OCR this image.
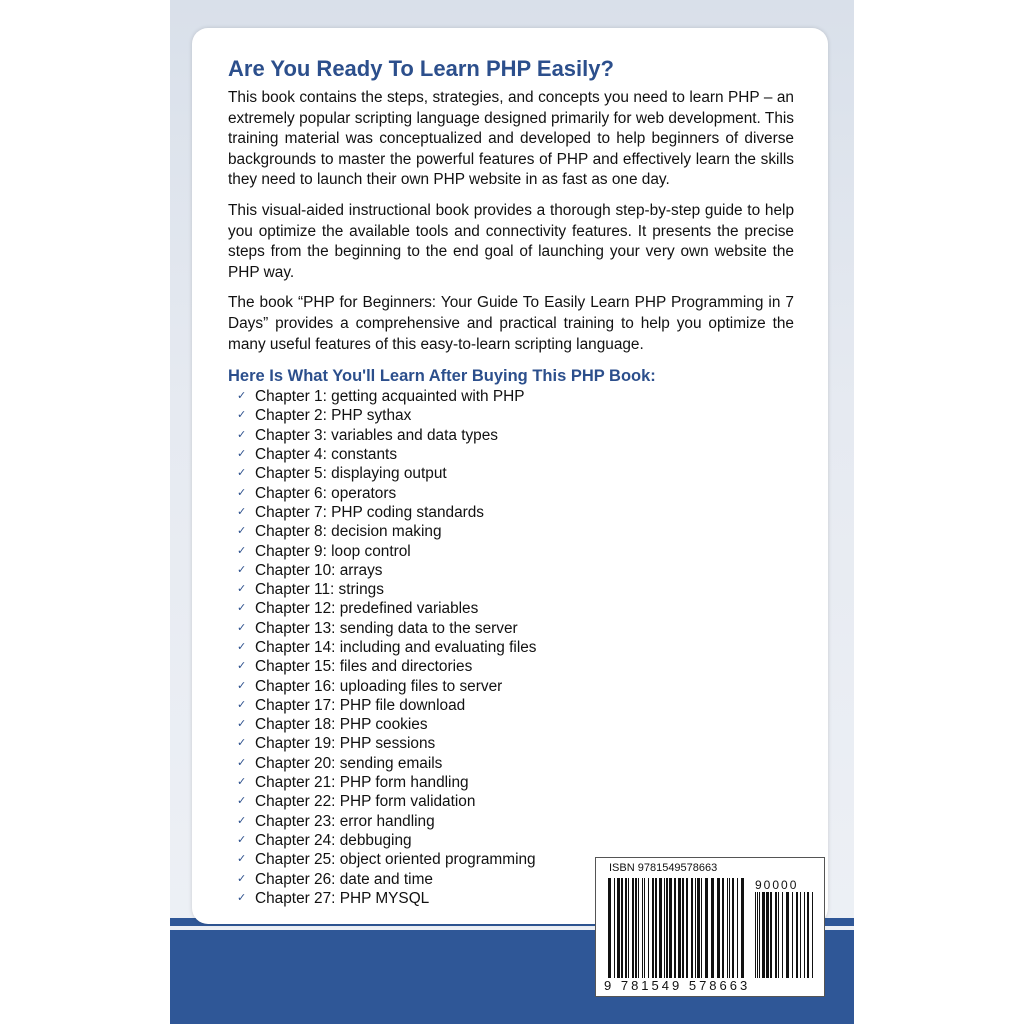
Are You Ready To Learn PHP Easily?

This book contains the steps, strategies, and concepts you need to learn PHP – an extremely popular scripting language designed primarily for web development. This training material was conceptualized and developed to help beginners of diverse backgrounds to master the powerful features of PHP and effectively learn the skills they need to launch their own PHP website in as fast as one day.

This visual-aided instructional book provides a thorough step-by-step guide to help you optimize the available tools and connectivity features. It presents the precise steps from the beginning to the end goal of launching your very own website the PHP way.

The book “PHP for Beginners: Your Guide To Easily Learn PHP Programming in 7 Days” provides a comprehensive and practical training to help you optimize the many useful features of this easy-to-learn scripting language.

Here Is What You'll Learn After Buying This PHP Book:
✓ Chapter 1: getting acquainted with PHP
✓ Chapter 2: PHP sythax
✓ Chapter 3: variables and data types
✓ Chapter 4: constants
✓ Chapter 5: displaying output
✓ Chapter 6: operators
✓ Chapter 7: PHP coding standards
✓ Chapter 8: decision making
✓ Chapter 9: loop control
✓ Chapter 10: arrays
✓ Chapter 11: strings
✓ Chapter 12: predefined variables
✓ Chapter 13: sending data to the server
✓ Chapter 14: including and evaluating files
✓ Chapter 15: files and directories
✓ Chapter 16: uploading files to server
✓ Chapter 17: PHP file download
✓ Chapter 18: PHP cookies
✓ Chapter 19: PHP sessions
✓ Chapter 20: sending emails
✓ Chapter 21: PHP form handling
✓ Chapter 22: PHP form validation
✓ Chapter 23: error handling
✓ Chapter 24: debbuging
✓ Chapter 25: object oriented programming
✓ Chapter 26: date and time
✓ Chapter 27: PHP MYSQL
ISBN 9781549578663
90000
9 781549 578663
